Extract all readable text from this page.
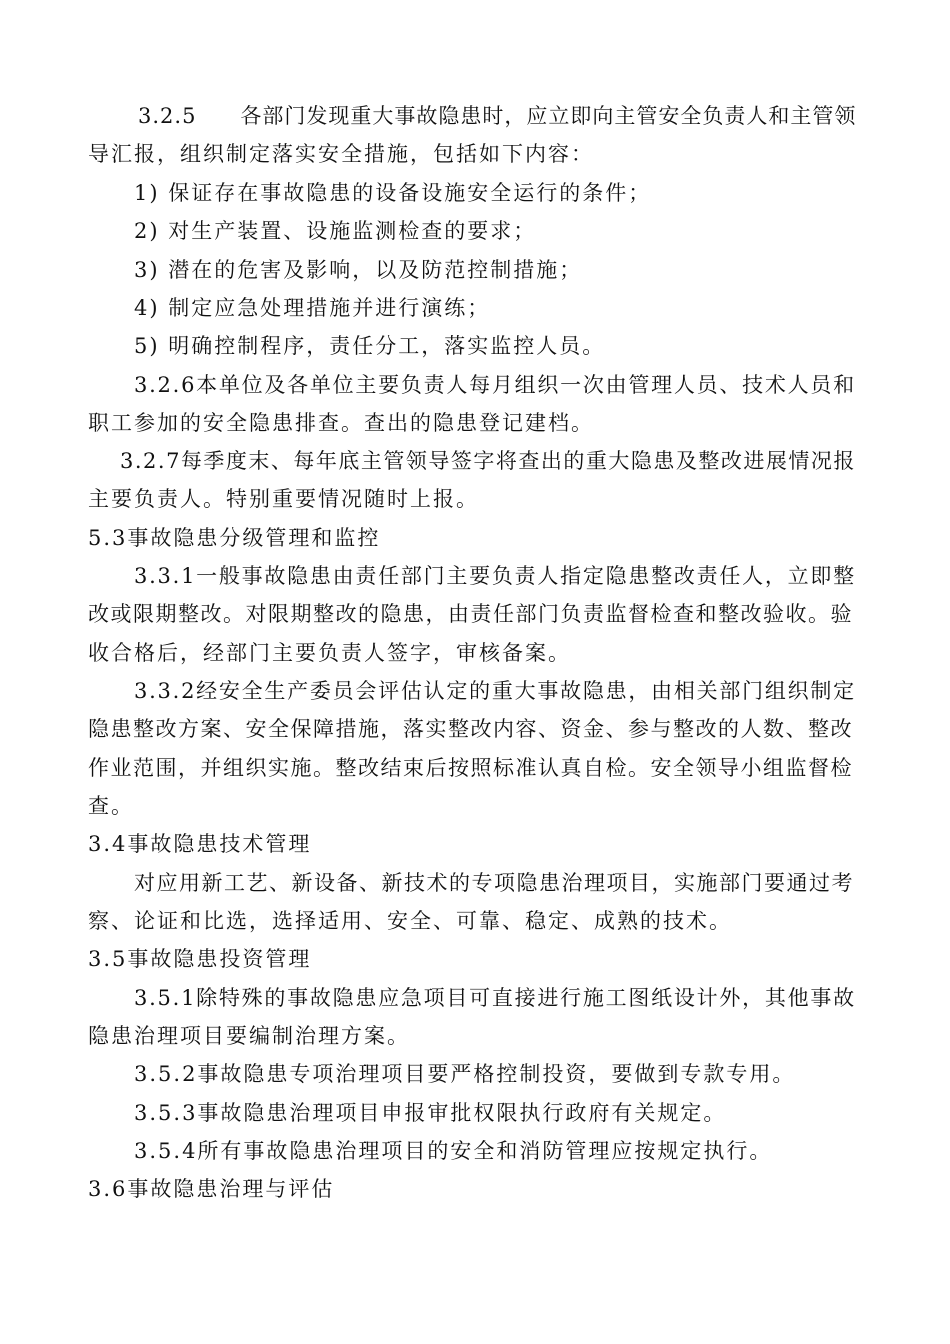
3.2.5　　各部门发现重大事故隐患时，应立即向主管安全负责人和主管领
导汇报，组织制定落实安全措施，包括如下内容：
1) 保证存在事故隐患的设备设施安全运行的条件；
2) 对生产装置、设施监测检查的要求；
3) 潜在的危害及影响，以及防范控制措施；
4) 制定应急处理措施并进行演练；
5) 明确控制程序，责任分工，落实监控人员。
3.2.6本单位及各单位主要负责人每月组织一次由管理人员、技术人员和
职工参加的安全隐患排查。查出的隐患登记建档。
3.2.7每季度末、每年底主管领导签字将查出的重大隐患及整改进展情况报
主要负责人。特别重要情况随时上报。
5.3事故隐患分级管理和监控
3.3.1一般事故隐患由责任部门主要负责人指定隐患整改责任人，立即整
改或限期整改。对限期整改的隐患，由责任部门负责监督检查和整改验收。验
收合格后，经部门主要负责人签字，审核备案。
3.3.2经安全生产委员会评估认定的重大事故隐患，由相关部门组织制定
隐患整改方案、安全保障措施，落实整改内容、资金、参与整改的人数、整改
作业范围，并组织实施。整改结束后按照标准认真自检。安全领导小组监督检
查。
3.4事故隐患技术管理
对应用新工艺、新设备、新技术的专项隐患治理项目，实施部门要通过考
察、论证和比选，选择适用、安全、可靠、稳定、成熟的技术。
3.5事故隐患投资管理
3.5.1除特殊的事故隐患应急项目可直接进行施工图纸设计外，其他事故
隐患治理项目要编制治理方案。
3.5.2事故隐患专项治理项目要严格控制投资，要做到专款专用。
3.5.3事故隐患治理项目申报审批权限执行政府有关规定。
3.5.4所有事故隐患治理项目的安全和消防管理应按规定执行。
3.6事故隐患治理与评估
